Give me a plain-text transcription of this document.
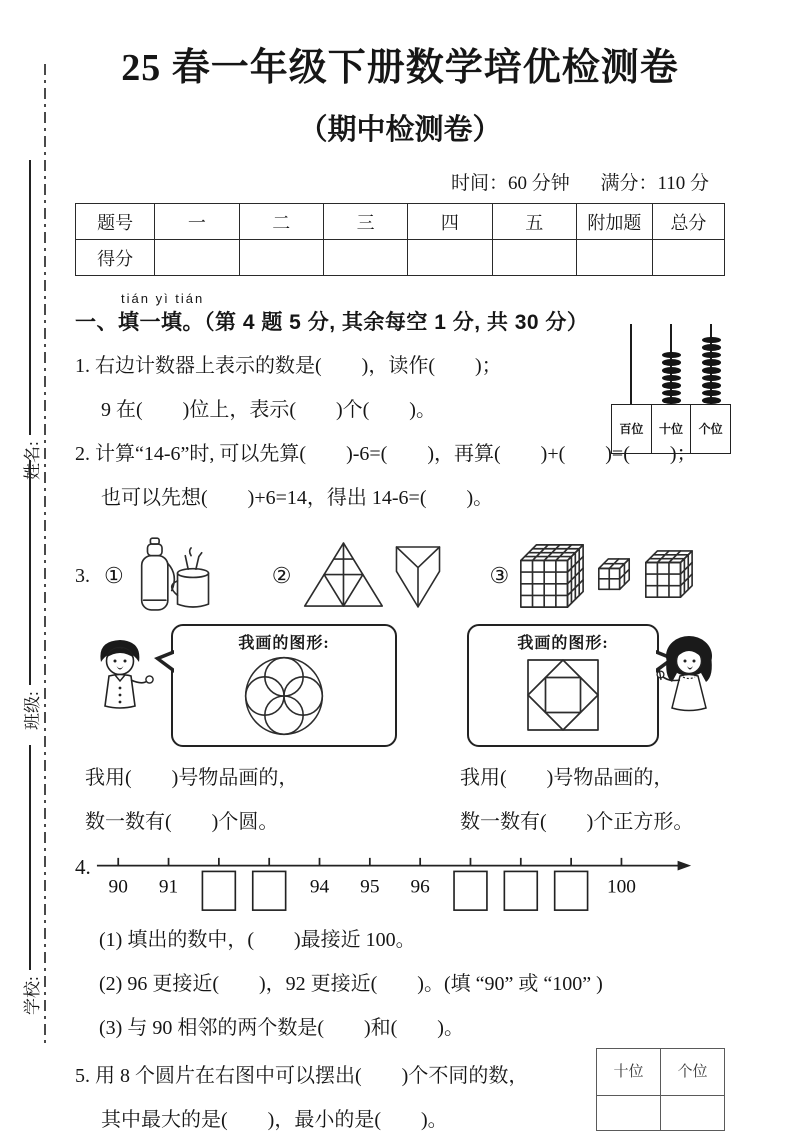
姓名:
班级:
学校:
25 春一年级下册数学培优检测卷
（期中检测卷）
时间：60 分钟 满分：110 分
题号	一	二	三	四	五	附加题	总分
得分							
一、
tián yì tián
填一填。（第 4 题 5 分, 其余每空 1 分, 共 30 分）
1. 右边计数器上表示的数是(　　)，读作(　　)；
9 在(　　)位上，表示(　　)个(　　)。
百位	十位	个位
2. 计算“14-6”时, 可以先算(　　)-6=(　　)，再算(　　)+(　　)=(　　)；
也可以先想(　　)+6=14，得出 14-6=(　　)。
3. ①	②	③
我画的图形:	我画的图形:
我用(　　)号物品画的，
数一数有(　　)个圆。
我用(　　)号物品画的，
数一数有(　　)个正方形。
4.
90 91	94 95 96	100
(1) 填出的数中，(　　)最接近 100。
(2) 96 更接近(　　)，92 更接近(　　)。(填 “90” 或 “100” )
(3) 与 90 相邻的两个数是(　　)和(　　)。
5. 用 8 个圆片在右图中可以摆出(　　)个不同的数，
其中最大的是(　　)，最小的是(　　)。
十位	个位
